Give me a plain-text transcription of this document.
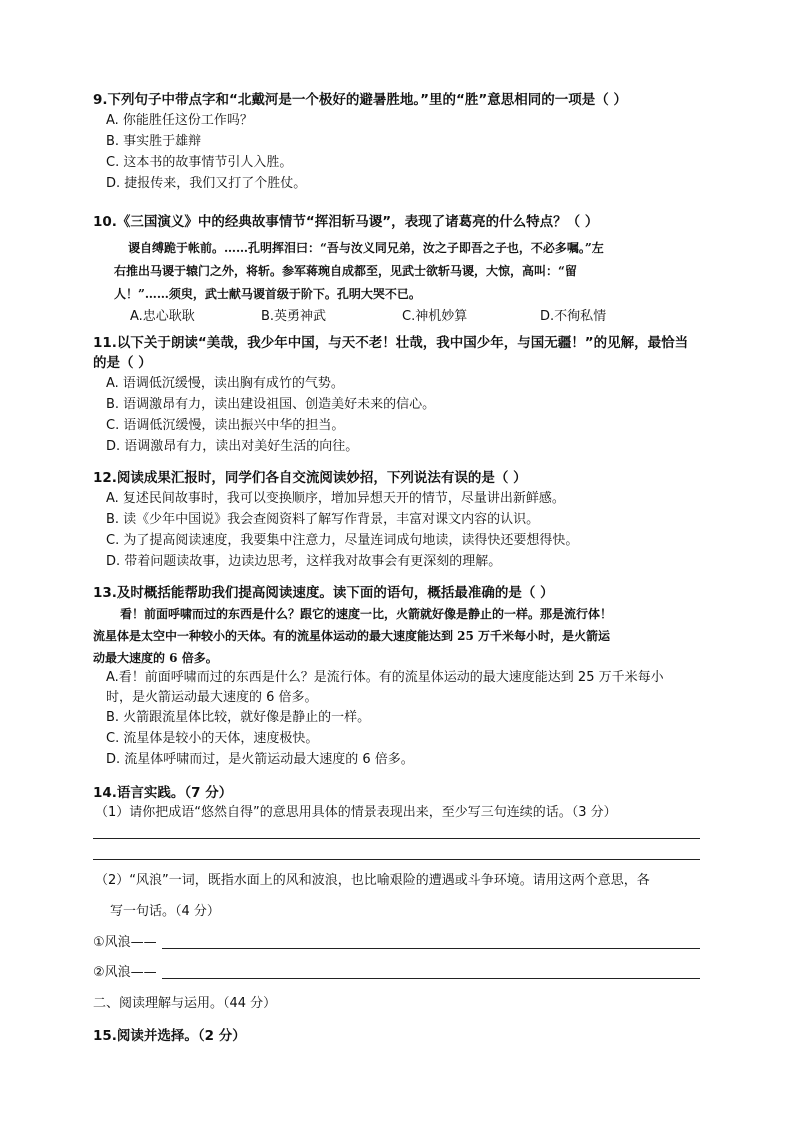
9.下列句子中带点字和“北戴河是一个极好的避暑胜地。”里的“胜”意思相同的一项是（ ）
A. 你能胜任这份工作吗？
B. 事实胜于雄辩
C. 这本书的故事情节引人入胜。
D. 捷报传来，我们又打了个胜仗。
10.《三国演义》中的经典故事情节“挥泪斩马谡”，表现了诸葛亮的什么特点？（ ）
谡自缚跪于帐前。……孔明挥泪曰：“吾与汝义同兄弟，汝之子即吾之子也，不必多嘱。”左
右推出马谡于辕门之外，将斩。参军蒋琬自成都至，见武士欲斩马谡，大惊，高叫：“留
人！”……须臾，武士献马谡首级于阶下。孔明大哭不已。
A.忠心耿耿	B.英勇神武	C.神机妙算	D.不徇私情
11.以下关于朗读“美哉，我少年中国，与天不老！壮哉，我中国少年，与国无疆！”的见解，最恰当
的是（ ）
A. 语调低沉缓慢，读出胸有成竹的气势。
B. 语调激昂有力，读出建设祖国、创造美好未来的信心。
C. 语调低沉缓慢，读出振兴中华的担当。
D. 语调激昂有力，读出对美好生活的向往。
12.阅读成果汇报时，同学们各自交流阅读妙招，下列说法有误的是（ ）
A. 复述民间故事时，我可以变换顺序，增加异想天开的情节，尽量讲出新鲜感。
B. 读《少年中国说》我会查阅资料了解写作背景，丰富对课文内容的认识。
C. 为了提高阅读速度，我要集中注意力，尽量连词成句地读，读得快还要想得快。
D. 带着问题读故事，边读边思考，这样我对故事会有更深刻的理解。
13.及时概括能帮助我们提高阅读速度。读下面的语句，概括最准确的是（ ）
看！前面呼啸而过的东西是什么？跟它的速度一比，火箭就好像是静止的一样。那是流行体！
流星体是太空中一种较小的天体。有的流星体运动的最大速度能达到 25 万千米每小时，是火箭运
动最大速度的 6 倍多。
A.看！前面呼啸而过的东西是什么？是流行体。有的流星体运动的最大速度能达到 25 万千米每小
时，是火箭运动最大速度的 6 倍多。
B. 火箭跟流星体比较，就好像是静止的一样。
C. 流星体是较小的天体，速度极快。
D. 流星体呼啸而过，是火箭运动最大速度的 6 倍多。
14.语言实践。（7 分）
（1）请你把成语“悠然自得”的意思用具体的情景表现出来，至少写三句连续的话。（3 分）
（2）“风浪”一词，既指水面上的风和波浪，也比喻艰险的遭遇或斗争环境。请用这两个意思，各
写一句话。（4 分）
①风浪——
②风浪——
二、阅读理解与运用。（44 分）
15.阅读并选择。（2 分）
